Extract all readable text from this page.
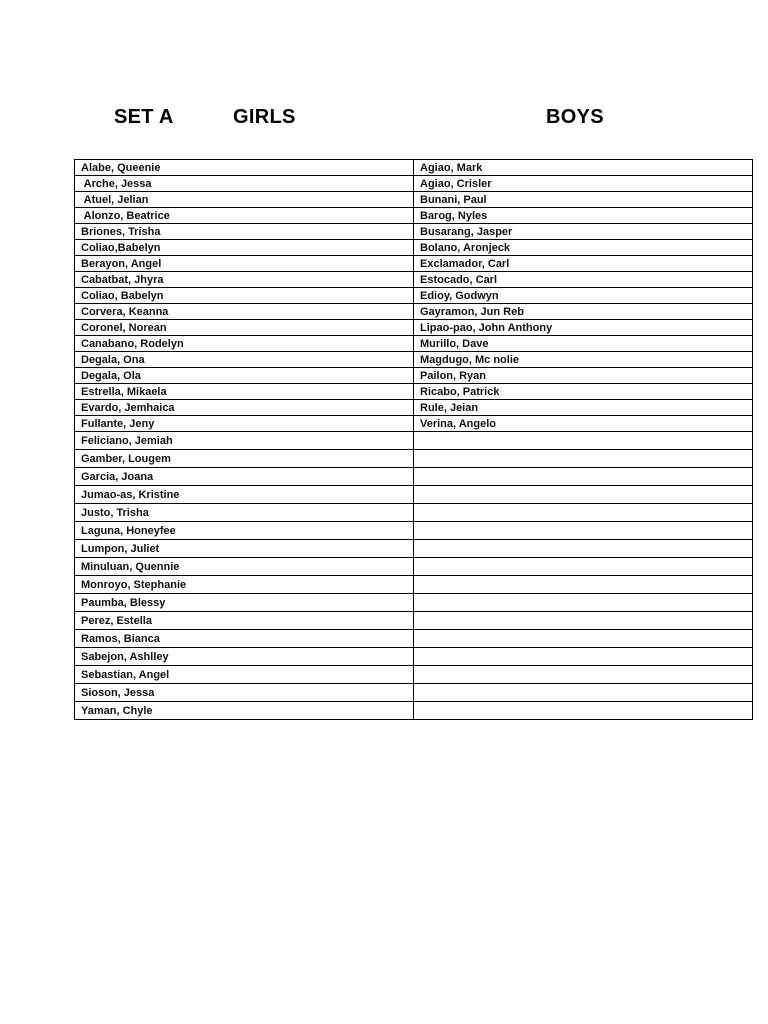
SET A	GIRLS	BOYS
Alabe, Queenie	Agiao, Mark
Arche, Jessa	Agiao, Crisler
Atuel, Jelian	Bunani, Paul
Alonzo, Beatrice	Barog, Nyles
Briones, Trisha	Busarang, Jasper
Coliao,Babelyn	Bolano, Aronjeck
Berayon, Angel	Exclamador, Carl
Cabatbat, Jhyra	Estocado, Carl
Coliao, Babelyn	Edioy, Godwyn
Corvera, Keanna	Gayramon, Jun Reb
Coronel, Norean	Lipao-pao, John Anthony
Canabano, Rodelyn	Murillo, Dave
Degala, Ona	Magdugo, Mc nolie
Degala, Ola	Pailon, Ryan
Estrella, Mikaela	Ricabo, Patrick
Evardo, Jemhaica	Rule, Jeian
Fullante, Jeny	Verina, Angelo
Feliciano, Jemiah	
Gamber, Lougem	
Garcia, Joana	
Jumao-as, Kristine	
Justo, Trisha	
Laguna, Honeyfee	
Lumpon, Juliet	
Minuluan, Quennie	
Monroyo, Stephanie	
Paumba, Blessy	
Perez, Estella	
Ramos, Bianca	
Sabejon, Ashlley	
Sebastian, Angel	
Sioson, Jessa	
Yaman, Chyle	
